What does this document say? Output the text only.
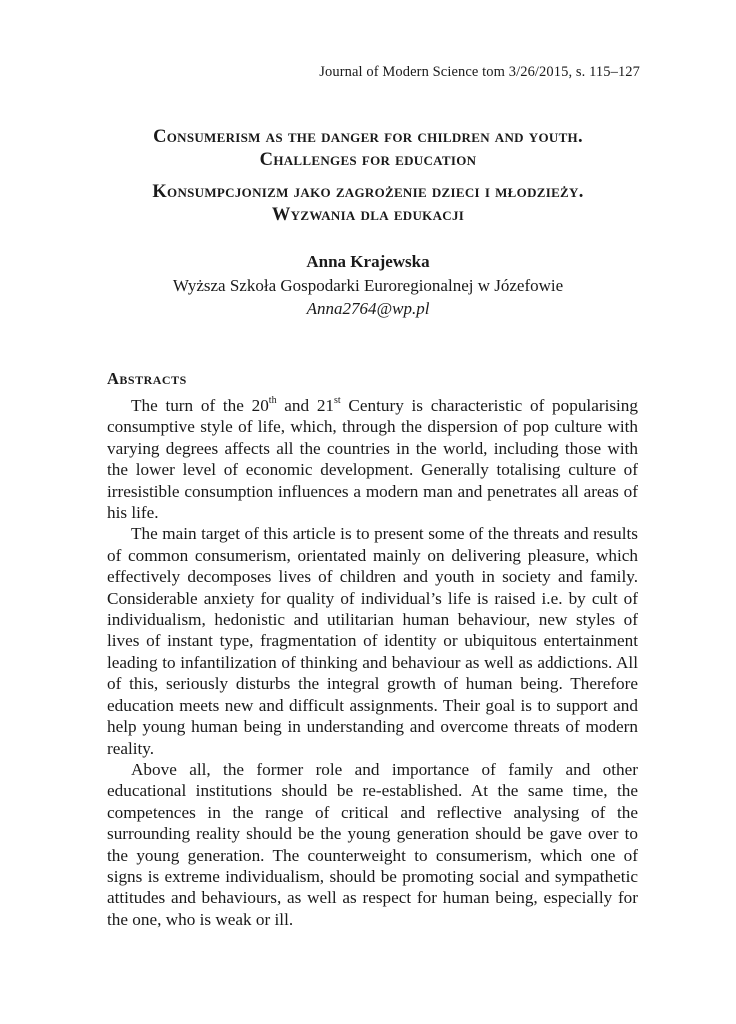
Journal of Modern Science tom 3/26/2015, s. 115–127
Consumerism as the danger for children and youth.
Challenges for education
Konsumpcjonizm jako zagrożenie dzieci i młodzieży.
Wyzwania dla edukacji
Anna Krajewska
Wyższa Szkoła Gospodarki Euroregionalnej w Józefowie
Anna2764@wp.pl
Abstracts

The turn of the 20th and 21st Century is characteristic of popularising consumptive style of life, which, through the dispersion of pop culture with varying degrees affects all the countries in the world, including those with the lower level of economic development. Generally totalising culture of irresistible consumption influences a modern man and penetrates all areas of his life.

The main target of this article is to present some of the threats and results of common consumerism, orientated mainly on delivering pleasure, which effectively decomposes lives of children and youth in society and family. Considerable anxiety for quality of individual’s life is raised i.e. by cult of individualism, hedonistic and utilitarian human behaviour, new styles of lives of instant type, fragmentation of identity or ubiquitous entertainment leading to infantilization of thinking and behaviour as well as addictions. All of this, seriously disturbs the integral growth of human being. Therefore education meets new and difficult assignments. Their goal is to support and help young human being in understanding and overcome threats of modern reality.

Above all, the former role and importance of family and other educational institutions should be re-established. At the same time, the competences in the range of critical and reflective analysing of the surrounding reality should be the young generation should be gave over to the young generation. The counterweight to consumerism, which one of signs is extreme individualism, should be promoting social and sympathetic attitudes and behaviours, as well as respect for human being, especially for the one, who is weak or ill.
